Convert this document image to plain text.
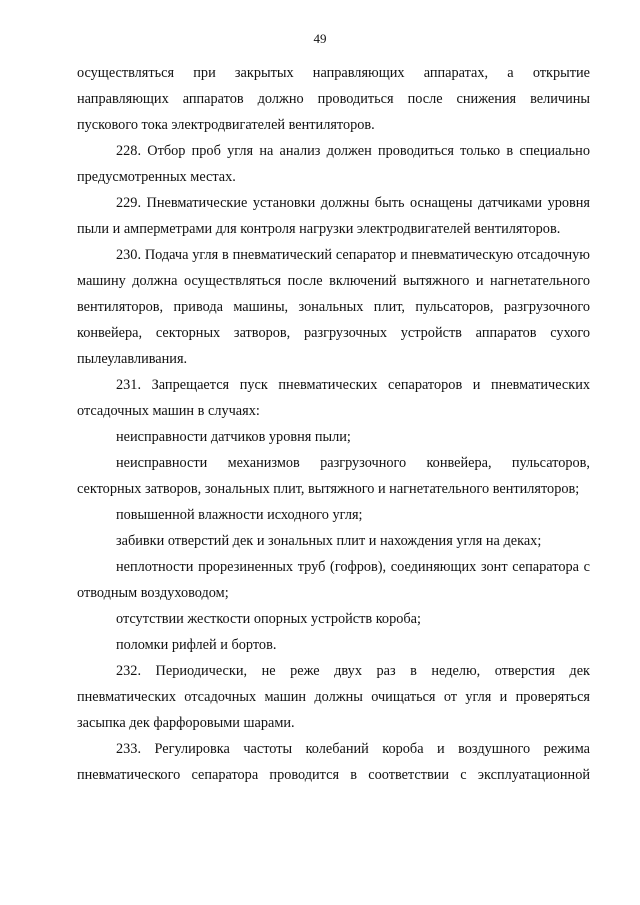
49

осуществляться при закрытых направляющих аппаратах, а открытие направляющих аппаратов должно проводиться после снижения величины пускового тока электродвигателей вентиляторов.

228. Отбор проб угля на анализ должен проводиться только в специально предусмотренных местах.

229. Пневматические установки должны быть оснащены датчиками уровня пыли и амперметрами для контроля нагрузки электродвигателей вентиляторов.

230. Подача угля в пневматический сепаратор и пневматическую отсадочную машину должна осуществляться после включений вытяжного и нагнетательного вентиляторов, привода машины, зональных плит, пульсаторов, разгрузочного конвейера, секторных затворов, разгрузочных устройств аппаратов сухого пылеулавливания.

231. Запрещается пуск пневматических сепараторов и пневматических отсадочных машин в случаях:

неисправности датчиков уровня пыли;

неисправности механизмов разгрузочного конвейера, пульсаторов, секторных затворов, зональных плит, вытяжного и нагнетательного вентиляторов;

повышенной влажности исходного угля;

забивки отверстий дек и зональных плит и нахождения угля на деках;

неплотности прорезиненных труб (гофров), соединяющих зонт сепаратора с отводным воздуховодом;

отсутствии жесткости опорных устройств короба;

поломки рифлей и бортов.

232. Периодически, не реже двух раз в неделю, отверстия дек пневматических отсадочных машин должны очищаться от угля и проверяться засыпка дек фарфоровыми шарами.

233. Регулировка частоты колебаний короба и воздушного режима пневматического сепаратора проводится в соответствии с эксплуатационной
